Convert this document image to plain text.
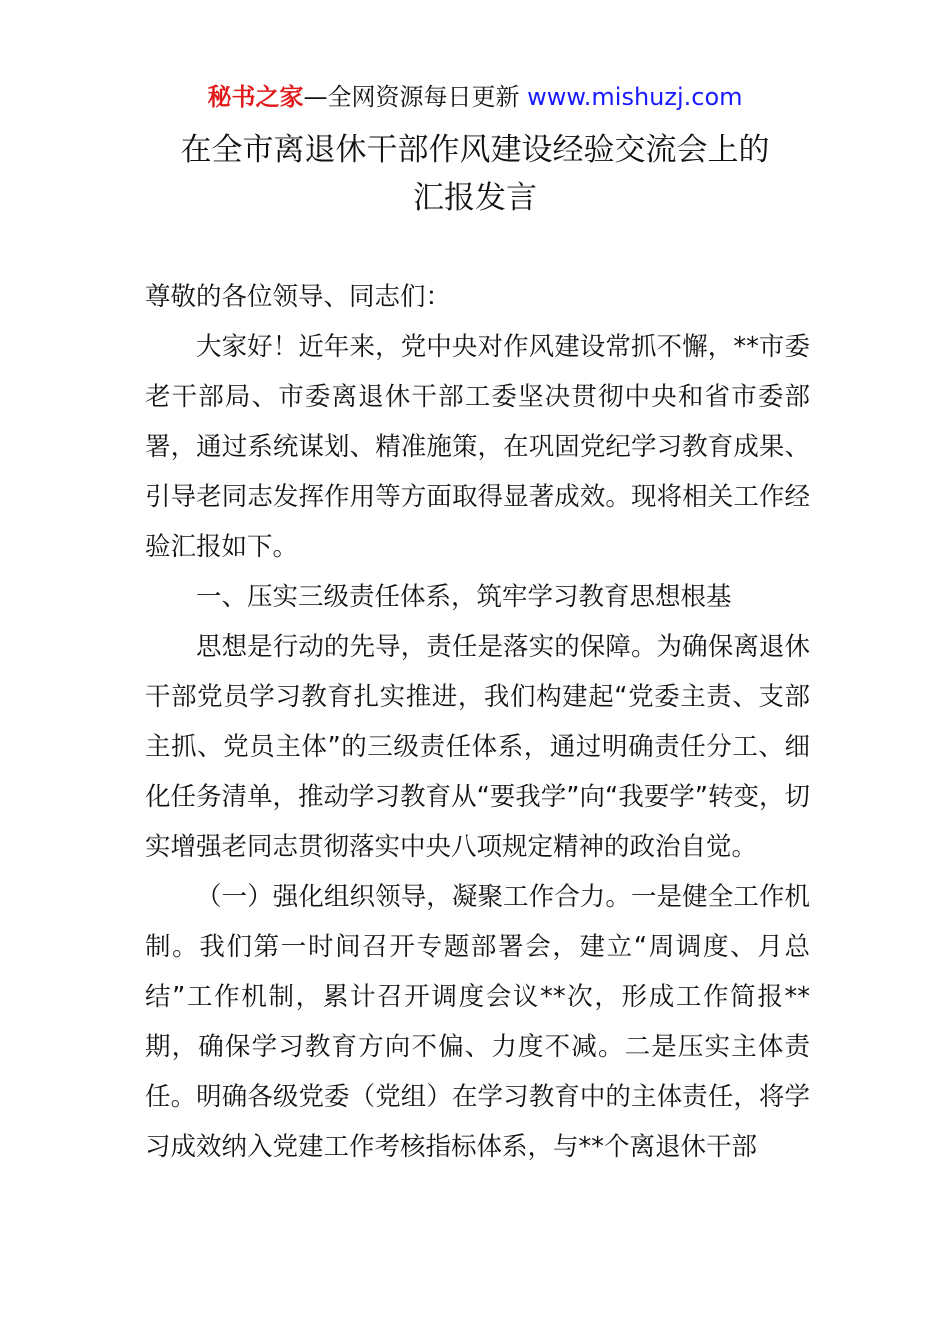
秘书之家—全网资源每日更新 www.mishuzj.com
在全市离退休干部作风建设经验交流会上的
汇报发言

尊敬的各位领导、同志们：

大家好！近年来，党中央对作风建设常抓不懈，**市委老干部局、市委离退休干部工委坚决贯彻中央和省市委部署，通过系统谋划、精准施策，在巩固党纪学习教育成果、引导老同志发挥作用等方面取得显著成效。现将相关工作经验汇报如下。

一、压实三级责任体系，筑牢学习教育思想根基

思想是行动的先导，责任是落实的保障。为确保离退休干部党员学习教育扎实推进，我们构建起“党委主责、支部主抓、党员主体”的三级责任体系，通过明确责任分工、细化任务清单，推动学习教育从“要我学”向“我要学”转变，切实增强老同志贯彻落实中央八项规定精神的政治自觉。

（一）强化组织领导，凝聚工作合力。一是健全工作机制。我们第一时间召开专题部署会，建立“周调度、月总结”工作机制，累计召开调度会议**次，形成工作简报**期，确保学习教育方向不偏、力度不减。二是压实主体责任。明确各级党委（党组）在学习教育中的主体责任，将学习成效纳入党建工作考核指标体系，与**个离退休干部
